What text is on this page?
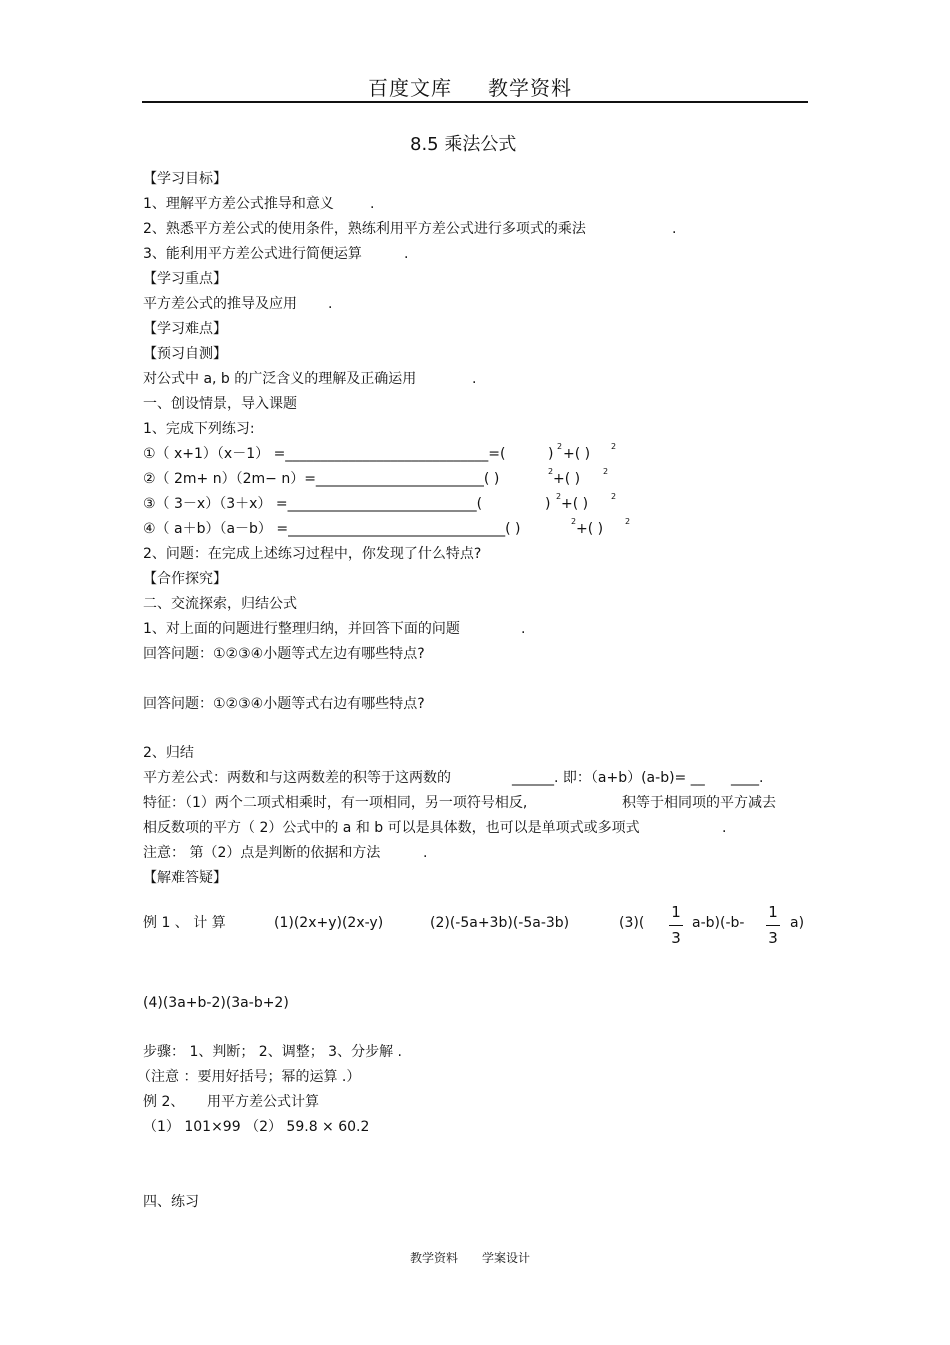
百度文库 教学资料
8.5 乘法公式
【学习目标】
1、理解平方差公式推导和意义	.
2、熟悉平方差公式的使用条件，熟练利用平方差公式进行多项式的乘法	.
3、能利用平方差公式进行简便运算	.
【学习重点】
平方差公式的推导及应用 .
【学习难点】
【预习自测】
对公式中 a, b 的广泛含义的理解及正确运用	.
一、创设情景，导入课题
1、完成下列练习:
①（ x+1）（x－1） =_____________________________=(	) 2 +( )	2
②（ 2m+ n）（2m− n）=________________________( )	2 +( )	2
③（ 3－x）（3＋x） =___________________________(	) 2 +( )	2
④（ a＋b）（a－b） =_______________________________( )	2 +( )	2
2、问题：在完成上述练习过程中，你发现了什么特点?
【合作探究】
二、交流探索，归结公式
1、对上面的问题进行整理归纳，并回答下面的问题	.
回答问题：①②③④小题等式左边有哪些特点?
回答问题：①②③④小题等式右边有哪些特点?
2、归结
平方差公式：两数和与这两数差的积等于这两数的	______. 即：（a+b）(a-b)= __ ____.
特征：（1）两个二项式相乘时，有一项相同，另一项符号相反,	积等于相同项的平方减去
相反数项的平方（ 2）公式中的 a 和 b 可以是具体数，也可以是单项式或多项式	.
注意： 第（2）点是判断的依据和方法	.
【解难答疑】
例 1 、 计 算	(1)(2x+y)(2x-y)	(2)(-5a+3b)(-5a-3b)	(3)(
1
3
a-b)(-b-
1
3
a)
(4)(3a+b-2)(3a-b+2)
步骤： 1、判断； 2、调整； 3、分步解 .
（注意 ：要用好括号；幂的运算 .）
例 2、 用平方差公式计算
（1） 101×99 （2） 59.8 × 60.2
四、练习
教学资料 学案设计
